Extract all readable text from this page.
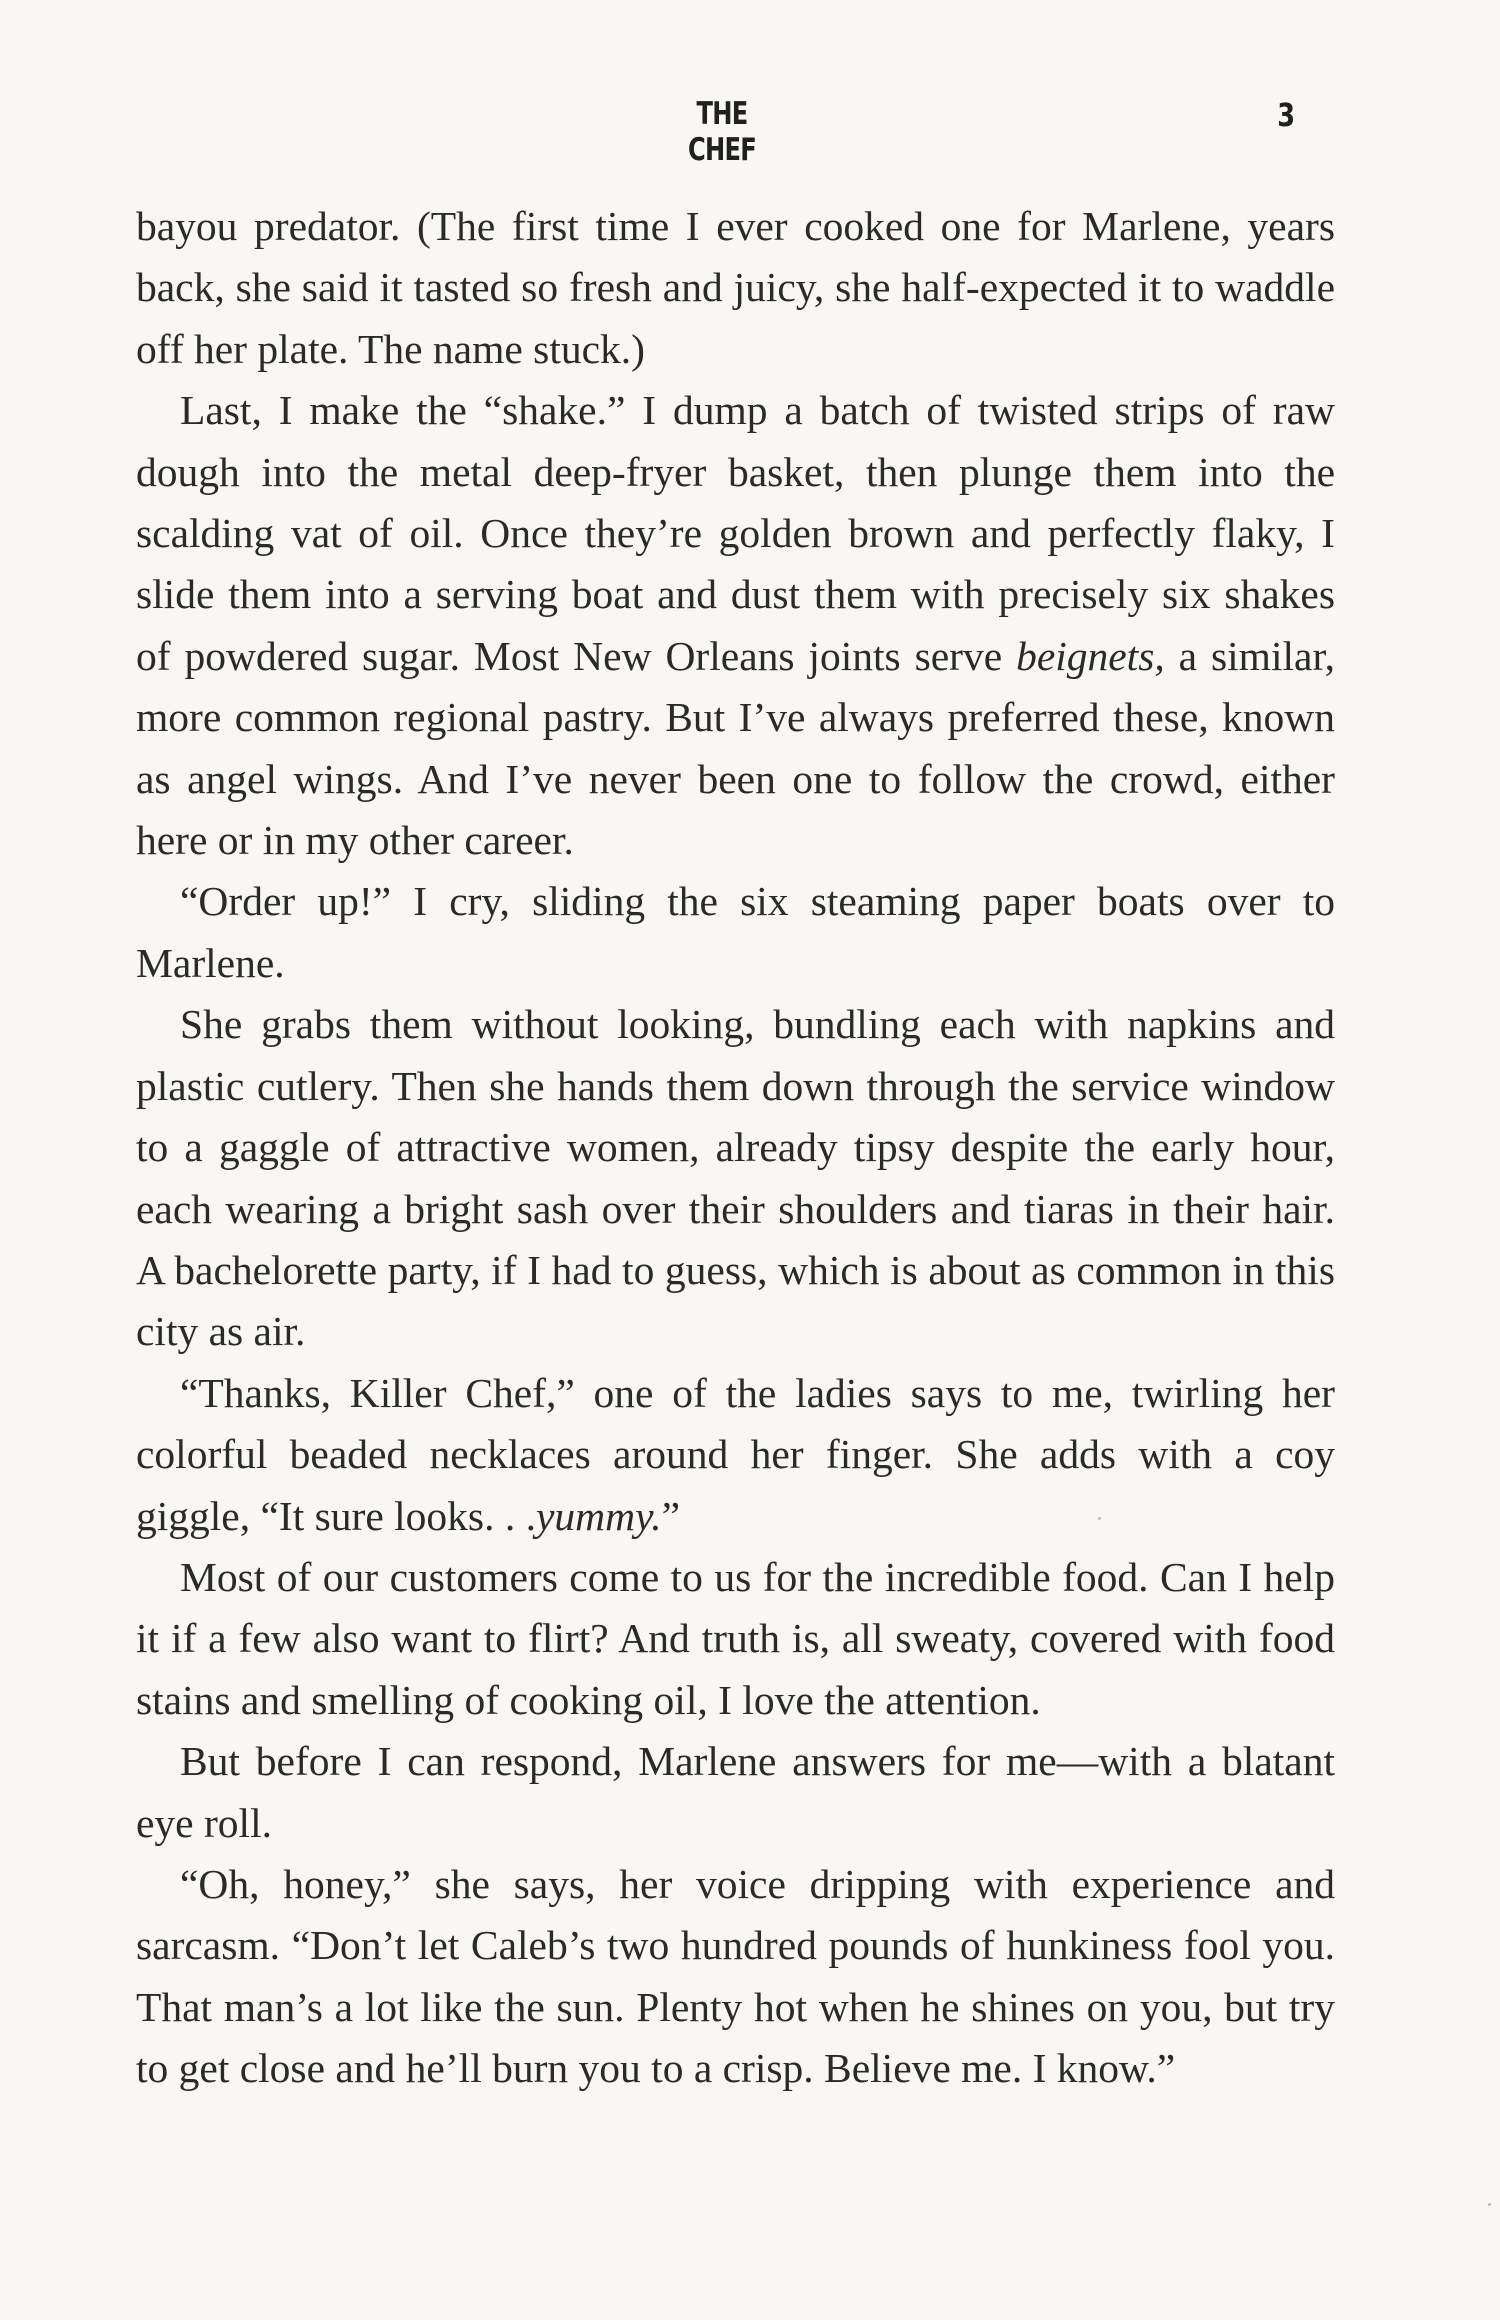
THE CHEF
3

bayou predator. (The first time I ever cooked one for Marlene, years back, she said it tasted so fresh and juicy, she half-expected it to waddle off her plate. The name stuck.)

Last, I make the “shake.” I dump a batch of twisted strips of raw dough into the metal deep-fryer basket, then plunge them into the scalding vat of oil. Once they’re golden brown and perfectly flaky, I slide them into a serving boat and dust them with precisely six shakes of powdered sugar. Most New Orleans joints serve beignets, a similar, more common regional pastry. But I’ve always preferred these, known as angel wings. And I’ve never been one to follow the crowd, either here or in my other career.

“Order up!” I cry, sliding the six steaming paper boats over to Marlene.

She grabs them without looking, bundling each with napkins and plastic cutlery. Then she hands them down through the service window to a gaggle of attractive women, already tipsy despite the early hour, each wearing a bright sash over their shoulders and tiaras in their hair. A bachelorette party, if I had to guess, which is about as common in this city as air.

“Thanks, Killer Chef,” one of the ladies says to me, twirling her colorful beaded necklaces around her finger. She adds with a coy giggle, “It sure looks. . .yummy.”

Most of our customers come to us for the incredible food. Can I help it if a few also want to flirt? And truth is, all sweaty, covered with food stains and smelling of cooking oil, I love the attention.

But before I can respond, Marlene answers for me—with a blatant eye roll.

“Oh, honey,” she says, her voice dripping with experience and sarcasm. “Don’t let Caleb’s two hundred pounds of hunkiness fool you. That man’s a lot like the sun. Plenty hot when he shines on you, but try to get close and he’ll burn you to a crisp. Believe me. I know.”
